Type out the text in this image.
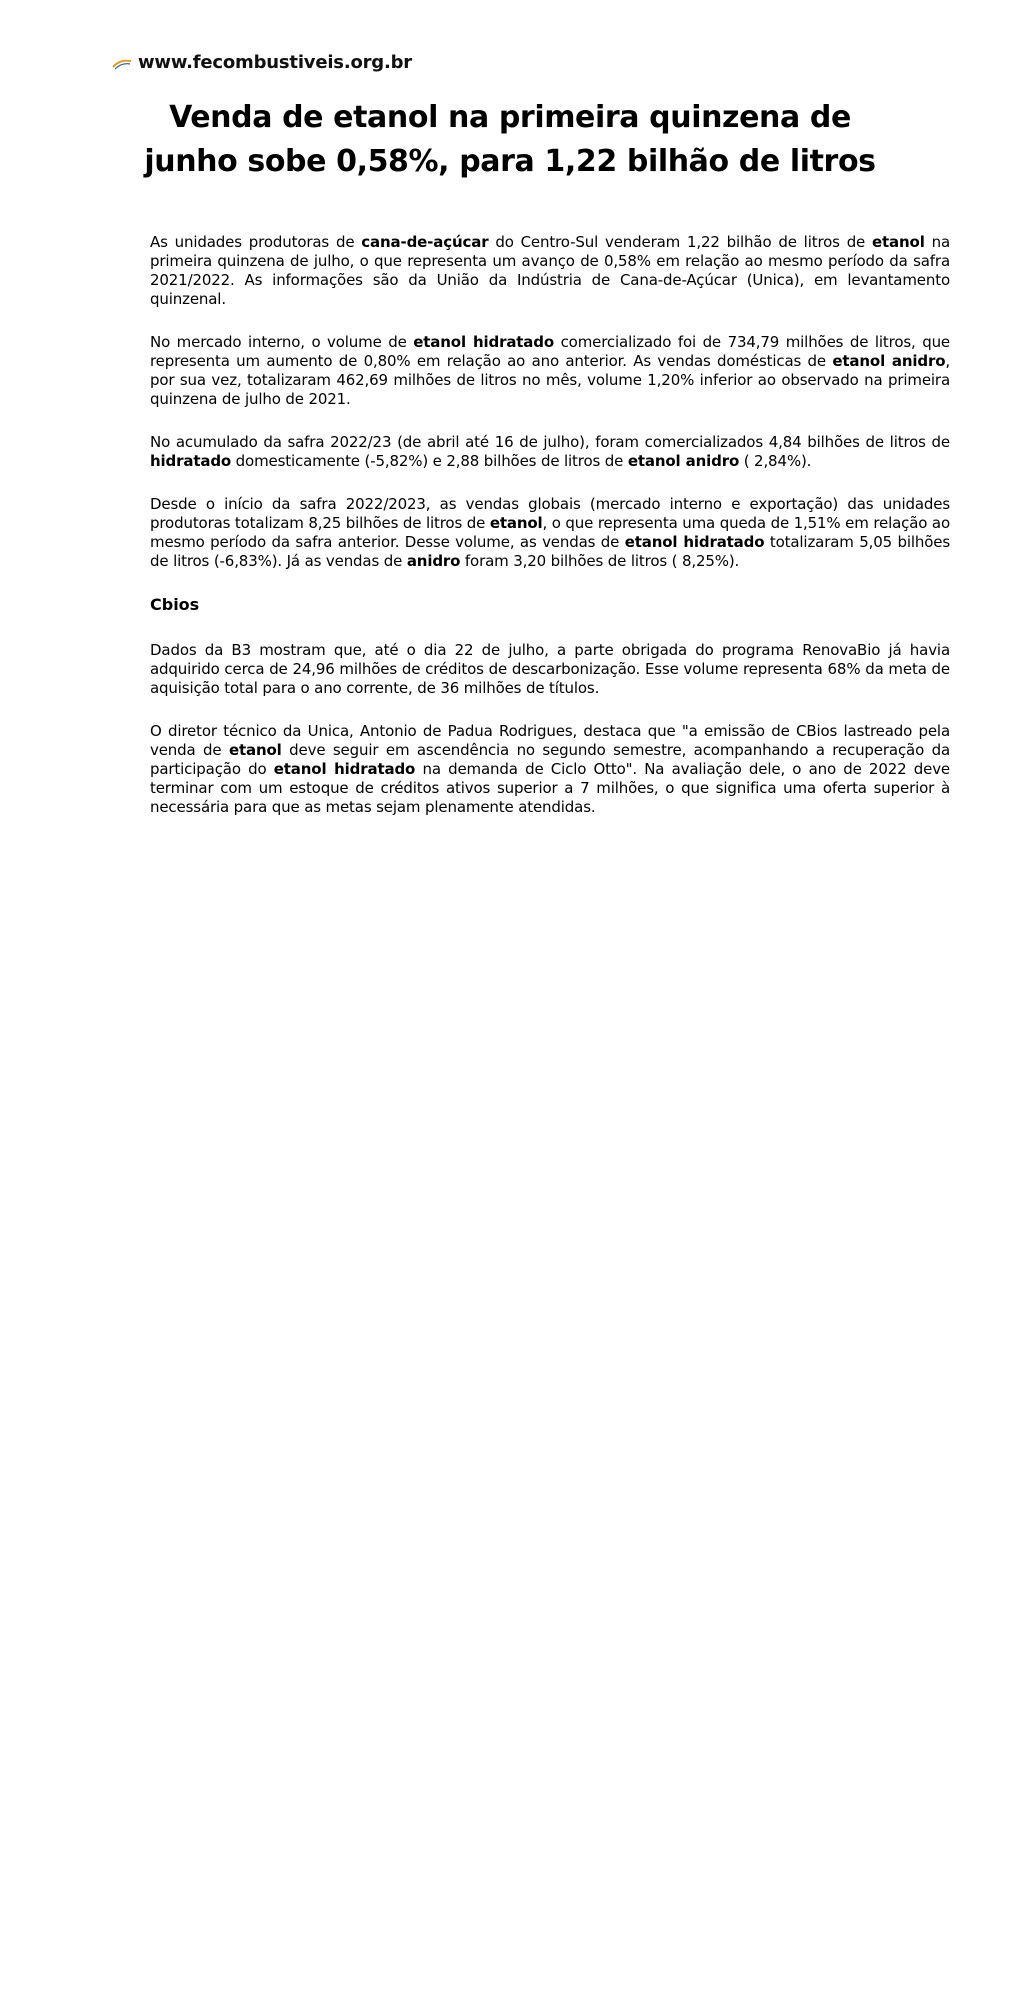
www.fecombustiveis.org.br
Venda de etanol na primeira quinzena de junho sobe 0,58%, para 1,22 bilhão de litros

As unidades produtoras de cana-de-açúcar do Centro-Sul venderam 1,22 bilhão de litros de etanol na primeira quinzena de julho, o que representa um avanço de 0,58% em relação ao mesmo período da safra 2021/2022. As informações são da União da Indústria de Cana-de-Açúcar (Unica), em levantamento quinzenal.

No mercado interno, o volume de etanol hidratado comercializado foi de 734,79 milhões de litros, que representa um aumento de 0,80% em relação ao ano anterior. As vendas domésticas de etanol anidro, por sua vez, totalizaram 462,69 milhões de litros no mês, volume 1,20% inferior ao observado na primeira quinzena de julho de 2021.

No acumulado da safra 2022/23 (de abril até 16 de julho), foram comercializados 4,84 bilhões de litros de hidratado domesticamente (-5,82%) e 2,88 bilhões de litros de etanol anidro ( 2,84%).

Desde o início da safra 2022/2023, as vendas globais (mercado interno e exportação) das unidades produtoras totalizam 8,25 bilhões de litros de etanol, o que representa uma queda de 1,51% em relação ao mesmo período da safra anterior. Desse volume, as vendas de etanol hidratado totalizaram 5,05 bilhões de litros (-6,83%). Já as vendas de anidro foram 3,20 bilhões de litros ( 8,25%).

Cbios

Dados da B3 mostram que, até o dia 22 de julho, a parte obrigada do programa RenovaBio já havia adquirido cerca de 24,96 milhões de créditos de descarbonização. Esse volume representa 68% da meta de aquisição total para o ano corrente, de 36 milhões de títulos.

O diretor técnico da Unica, Antonio de Padua Rodrigues, destaca que "a emissão de CBios lastreado pela venda de etanol deve seguir em ascendência no segundo semestre, acompanhando a recuperação da participação do etanol hidratado na demanda de Ciclo Otto". Na avaliação dele, o ano de 2022 deve terminar com um estoque de créditos ativos superior a 7 milhões, o que significa uma oferta superior à necessária para que as metas sejam plenamente atendidas.
